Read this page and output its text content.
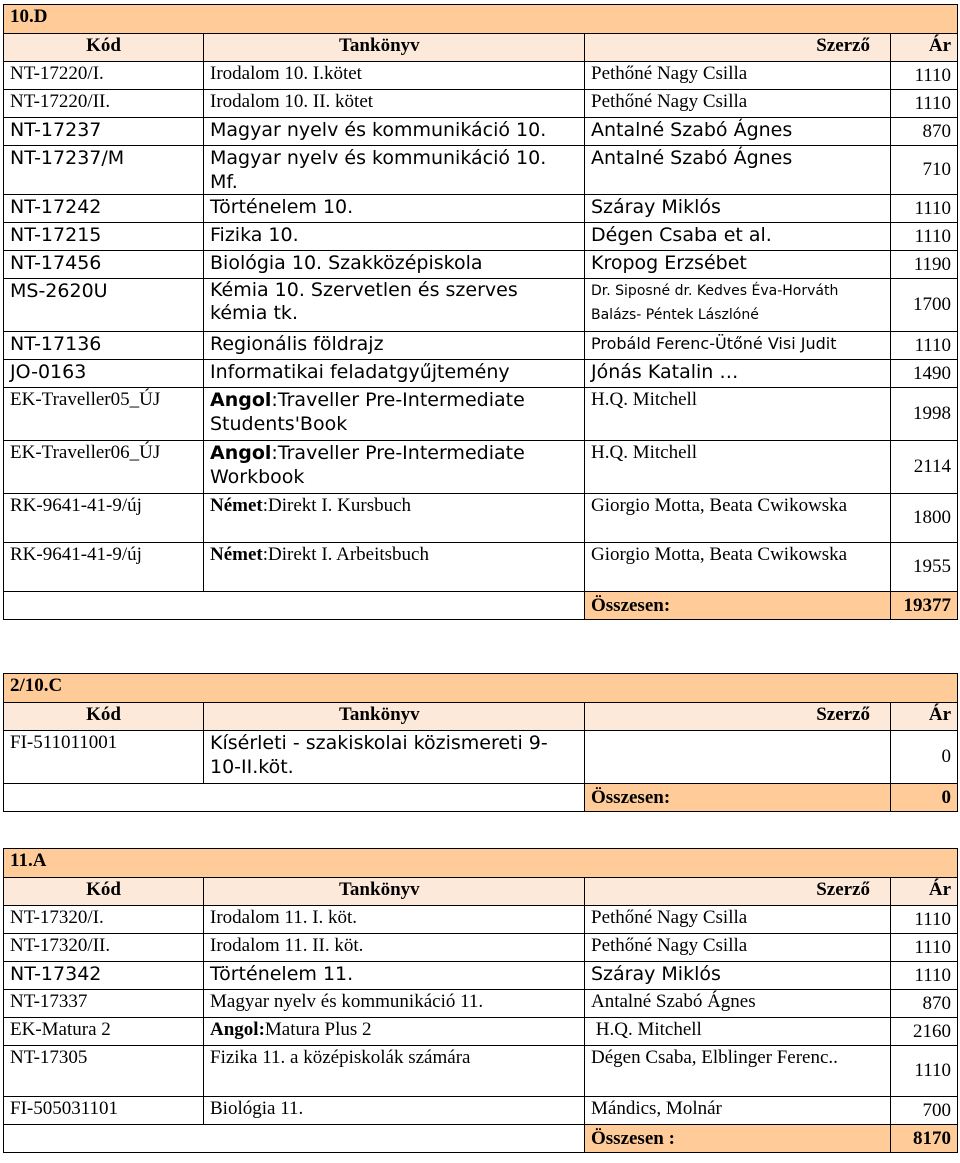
10.D			
Kód	Tankönyv	Szerző	Ár
NT-17220/I.	Irodalom 10. I.kötet	Pethőné Nagy Csilla	1110
NT-17220/II.	Irodalom 10. II. kötet	Pethőné Nagy Csilla	1110
NT-17237	Magyar nyelv és kommunikáció 10.	Antalné Szabó Ágnes	870
NT-17237/M	Magyar nyelv és kommunikáció 10. Mf.	Antalné Szabó Ágnes	710
NT-17242	Történelem 10.	Száray Miklós	1110
NT-17215	Fizika 10.	Dégen Csaba et al.	1110
NT-17456	Biológia 10. Szakközépiskola	Kropog Erzsébet	1190
MS-2620U	Kémia 10. Szervetlen és szerves kémia tk.	Dr. Siposné dr. Kedves Éva-Horváth Balázs- Péntek Lászlóné	1700
NT-17136	Regionális földrajz	Probáld Ferenc-Ütőné Visi Judit	1110
JO-0163	Informatikai feladatgyűjtemény	Jónás Katalin …	1490
EK-Traveller05_ÚJ	Angol:Traveller Pre-Intermediate Students'Book	H.Q. Mitchell	1998
EK-Traveller06_ÚJ	Angol:Traveller Pre-Intermediate Workbook	H.Q. Mitchell	2114
RK-9641-41-9/új	Német:Direkt I. Kursbuch	Giorgio Motta, Beata Cwikowska	1800
RK-9641-41-9/új	Német:Direkt I. Arbeitsbuch	Giorgio Motta, Beata Cwikowska	1955
		Összesen:	19377
2/10.C			
Kód	Tankönyv	Szerző	Ár
FI-511011001	Kísérleti - szakiskolai közismereti 9-10-II.köt.		0
		Összesen:	0
11.A			
Kód	Tankönyv	Szerző	Ár
NT-17320/I.	Irodalom 11. I. köt.	Pethőné Nagy Csilla	1110
NT-17320/II.	Irodalom 11. II. köt.	Pethőné Nagy Csilla	1110
NT-17342	Történelem 11.	Száray Miklós	1110
NT-17337	Magyar nyelv és kommunikáció 11.	Antalné Szabó Ágnes	870
EK-Matura 2	Angol:Matura Plus 2	H.Q. Mitchell	2160
NT-17305	Fizika 11. a középiskolák számára	Dégen Csaba, Elblinger Ferenc..	1110
FI-505031101	Biológia 11.	Mándics, Molnár	700
		Összesen :	8170
